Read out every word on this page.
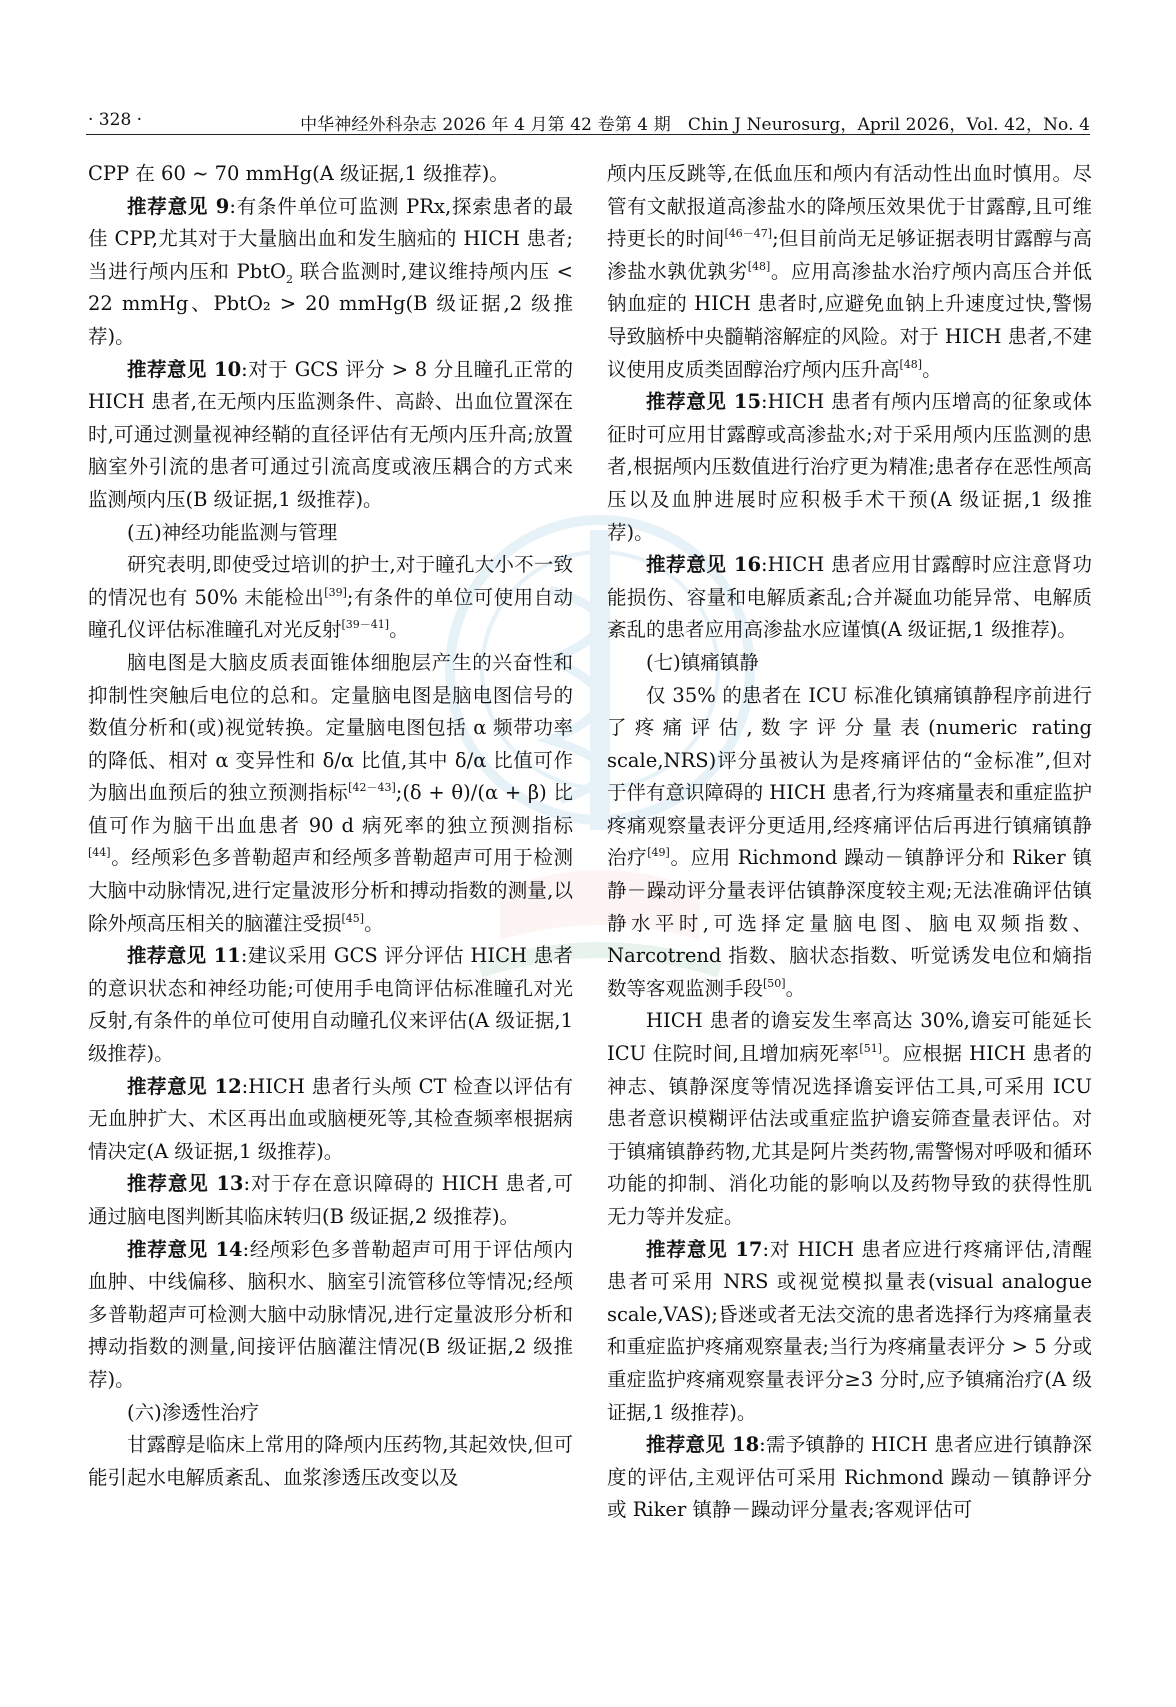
· 328 ·	中华神经外科杂志 2026 年 4 月第 42 卷第 4 期　Chin J Neurosurg，April 2026，Vol. 42，No. 4

CPP 在 60 ~ 70 mmHg(A 级证据,1 级推荐)。

推荐意见 9:有条件单位可监测 PRx,探索患者的最佳 CPP,尤其对于大量脑出血和发生脑疝的 HICH 患者;当进行颅内压和 PbtO$_2$ 联合监测时,建议维持颅内压 < 22 mmHg、PbtO₂ > 20 mmHg(B 级证据,2 级推荐)。

推荐意见 10:对于 GCS 评分 > 8 分且瞳孔正常的 HICH 患者,在无颅内压监测条件、高龄、出血位置深在时,可通过测量视神经鞘的直径评估有无颅内压升高;放置脑室外引流的患者可通过引流高度或液压耦合的方式来监测颅内压(B 级证据,1 级推荐)。

(五)神经功能监测与管理

研究表明,即使受过培训的护士,对于瞳孔大小不一致的情况也有 50% 未能检出[39];有条件的单位可使用自动瞳孔仪评估标准瞳孔对光反射[39－41]。

脑电图是大脑皮质表面锥体细胞层产生的兴奋性和抑制性突触后电位的总和。定量脑电图是脑电图信号的数值分析和(或)视觉转换。定量脑电图包括 α 频带功率的降低、相对 α 变异性和 δ/α 比值,其中 δ/α 比值可作为脑出血预后的独立预测指标[42－43];(δ + θ)/(α + β) 比值可作为脑干出血患者 90 d 病死率的独立预测指标[44]。经颅彩色多普勒超声和经颅多普勒超声可用于检测大脑中动脉情况,进行定量波形分析和搏动指数的测量,以除外颅高压相关的脑灌注受损[45]。

推荐意见 11:建议采用 GCS 评分评估 HICH 患者的意识状态和神经功能;可使用手电筒评估标准瞳孔对光反射,有条件的单位可使用自动瞳孔仪来评估(A 级证据,1 级推荐)。

推荐意见 12:HICH 患者行头颅 CT 检查以评估有无血肿扩大、术区再出血或脑梗死等,其检查频率根据病情决定(A 级证据,1 级推荐)。

推荐意见 13:对于存在意识障碍的 HICH 患者,可通过脑电图判断其临床转归(B 级证据,2 级推荐)。

推荐意见 14:经颅彩色多普勒超声可用于评估颅内血肿、中线偏移、脑积水、脑室引流管移位等情况;经颅多普勒超声可检测大脑中动脉情况,进行定量波形分析和搏动指数的测量,间接评估脑灌注情况(B 级证据,2 级推荐)。

(六)渗透性治疗

甘露醇是临床上常用的降颅内压药物,其起效快,但可能引起水电解质紊乱、血浆渗透压改变以及

颅内压反跳等,在低血压和颅内有活动性出血时慎用。尽管有文献报道高渗盐水的降颅压效果优于甘露醇,且可维持更长的时间[46－47];但目前尚无足够证据表明甘露醇与高渗盐水孰优孰劣[48]。应用高渗盐水治疗颅内高压合并低钠血症的 HICH 患者时,应避免血钠上升速度过快,警惕导致脑桥中央髓鞘溶解症的风险。对于 HICH 患者,不建议使用皮质类固醇治疗颅内压升高[48]。

推荐意见 15:HICH 患者有颅内压增高的征象或体征时可应用甘露醇或高渗盐水;对于采用颅内压监测的患者,根据颅内压数值进行治疗更为精准;患者存在恶性颅高压以及血肿进展时应积极手术干预(A 级证据,1 级推荐)。

推荐意见 16:HICH 患者应用甘露醇时应注意肾功能损伤、容量和电解质紊乱;合并凝血功能异常、电解质紊乱的患者应用高渗盐水应谨慎(A 级证据,1 级推荐)。

(七)镇痛镇静

仅 35% 的患者在 ICU 标准化镇痛镇静程序前进行了疼痛评估,数字评分量表(numeric rating scale,NRS)评分虽被认为是疼痛评估的“金标准”,但对于伴有意识障碍的 HICH 患者,行为疼痛量表和重症监护疼痛观察量表评分更适用,经疼痛评估后再进行镇痛镇静治疗[49]。应用 Richmond 躁动－镇静评分和 Riker 镇静－躁动评分量表评估镇静深度较主观;无法准确评估镇静水平时,可选择定量脑电图、脑电双频指数、Narcotrend 指数、脑状态指数、听觉诱发电位和熵指数等客观监测手段[50]。

HICH 患者的谵妄发生率高达 30%,谵妄可能延长 ICU 住院时间,且增加病死率[51]。应根据 HICH 患者的神志、镇静深度等情况选择谵妄评估工具,可采用 ICU 患者意识模糊评估法或重症监护谵妄筛查量表评估。对于镇痛镇静药物,尤其是阿片类药物,需警惕对呼吸和循环功能的抑制、消化功能的影响以及药物导致的获得性肌无力等并发症。

推荐意见 17:对 HICH 患者应进行疼痛评估,清醒患者可采用 NRS 或视觉模拟量表(visual analogue scale,VAS);昏迷或者无法交流的患者选择行为疼痛量表和重症监护疼痛观察量表;当行为疼痛量表评分 > 5 分或重症监护疼痛观察量表评分≥3 分时,应予镇痛治疗(A 级证据,1 级推荐)。

推荐意见 18:需予镇静的 HICH 患者应进行镇静深度的评估,主观评估可采用 Richmond 躁动－镇静评分或 Riker 镇静－躁动评分量表;客观评估可
